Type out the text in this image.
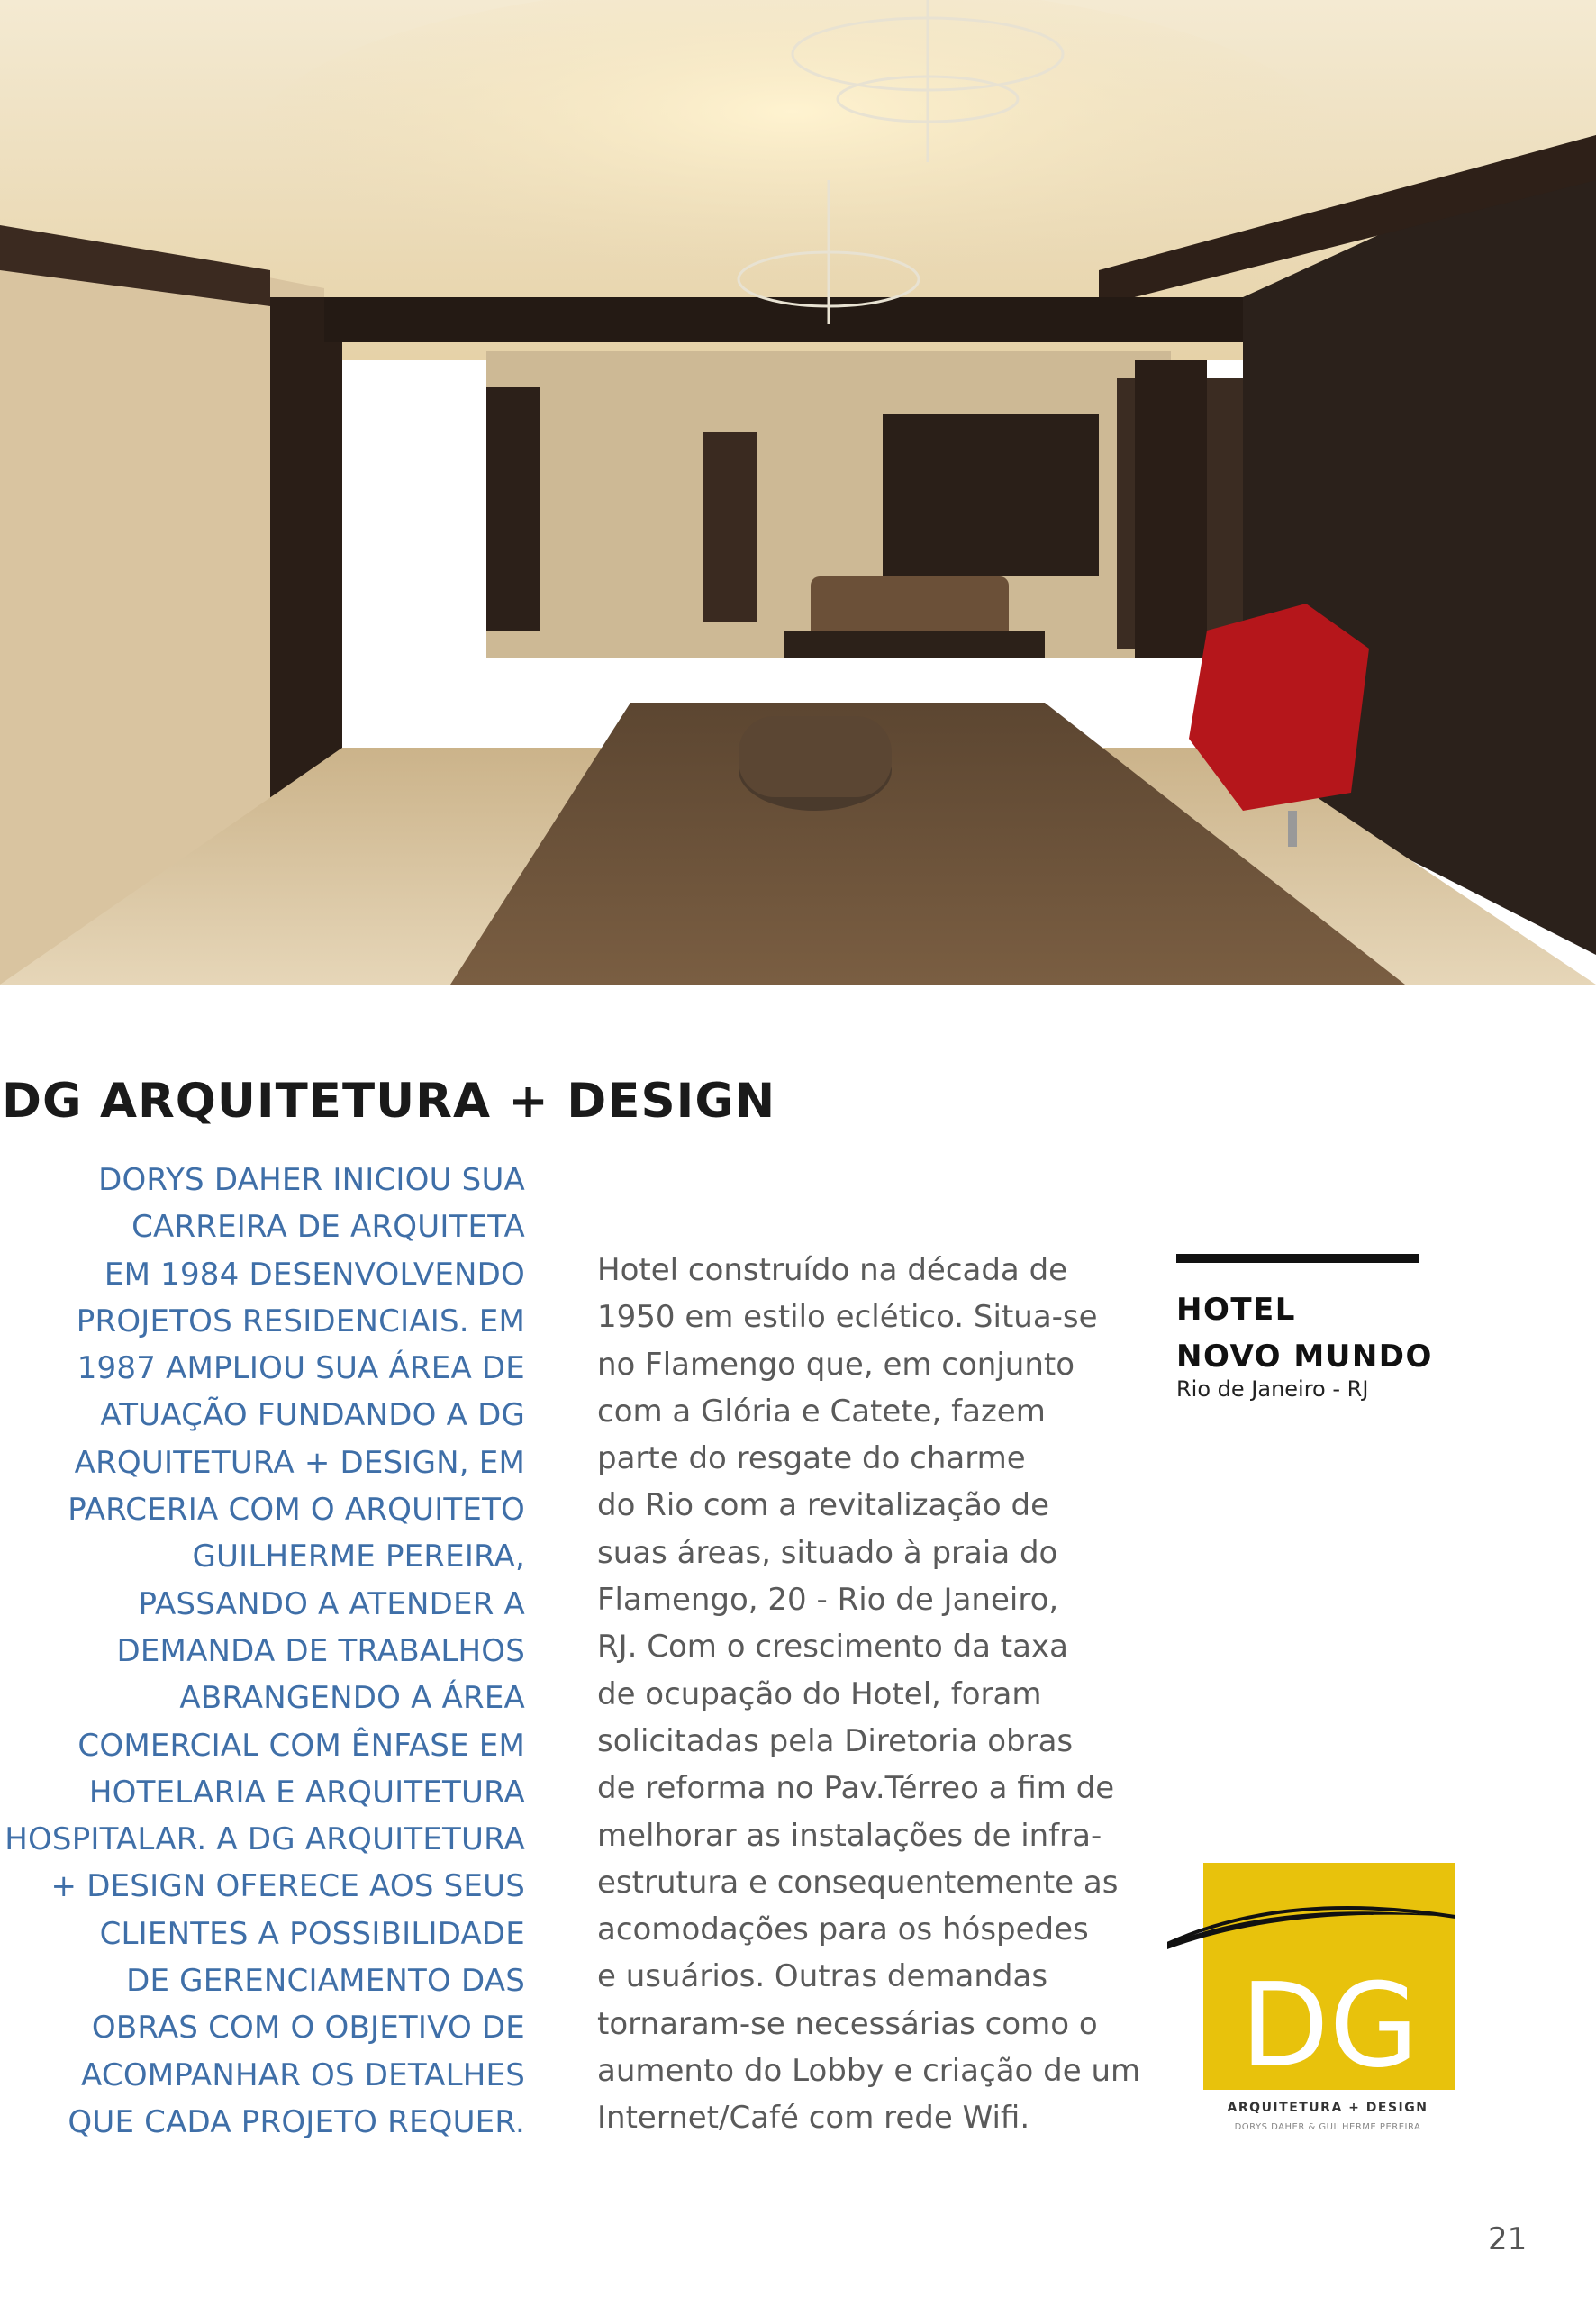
DG ARQUITETURA + DESIGN
DORYS DAHER INICIOU SUA
CARREIRA DE ARQUITETA
EM 1984 DESENVOLVENDO
PROJETOS RESIDENCIAIS. EM
1987 AMPLIOU SUA ÁREA DE
ATUAÇÃO FUNDANDO A DG
ARQUITETURA + DESIGN, EM
PARCERIA COM O ARQUITETO
GUILHERME PEREIRA,
PASSANDO A ATENDER A
DEMANDA DE TRABALHOS
ABRANGENDO A ÁREA
COMERCIAL COM ÊNFASE EM
HOTELARIA E ARQUITETURA
HOSPITALAR. A DG ARQUITETURA
+ DESIGN OFERECE AOS SEUS
CLIENTES A POSSIBILIDADE
DE GERENCIAMENTO DAS
OBRAS COM O OBJETIVO DE
ACOMPANHAR OS DETALHES
QUE CADA PROJETO REQUER.
Hotel construído na década de
1950 em estilo eclético. Situa-se
no Flamengo que, em conjunto
com a Glória e Catete, fazem
parte do resgate do charme
do Rio com a revitalização de
suas áreas, situado à praia do
Flamengo, 20 - Rio de Janeiro,
RJ. Com o crescimento da taxa
de ocupação do Hotel, foram
solicitadas pela Diretoria obras
de reforma no Pav.Térreo a fim de
melhorar as instalações de infra-
estrutura e consequentemente as
acomodações para os hóspedes
e usuários. Outras demandas
tornaram-se necessárias como o
aumento do Lobby e criação de um
Internet/Café com rede Wifi.
HOTEL
NOVO MUNDO
Rio de Janeiro - RJ
DG
ARQUITETURA + DESIGN
DORYS DAHER & GUILHERME PEREIRA
21
